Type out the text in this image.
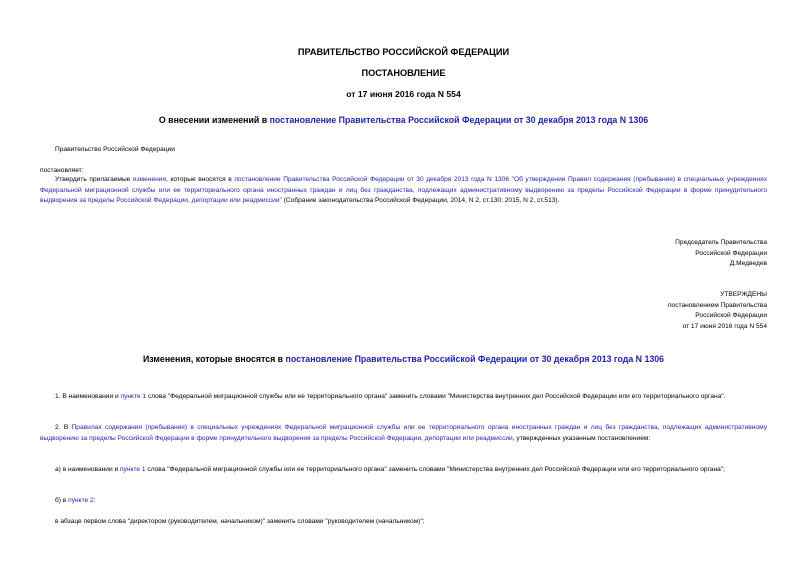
ПРАВИТЕЛЬСТВО РОССИЙСКОЙ ФЕДЕРАЦИИ
ПОСТАНОВЛЕНИЕ
от 17 июня 2016 года N 554
О внесении изменений в постановление Правительства Российской Федерации от 30 декабря 2013 года N 1306
Правительство Российской Федерации
постановляет:
Утвердить прилагаемые изменения, которые вносятся в постановление Правительства Российской Федерации от 30 декабря 2013 года N 1306 "Об утверждении Правил содержания (пребывания) в специальных учреждениях Федеральной миграционной службы или ее территориального органа иностранных граждан и лиц без гражданства, подлежащих административному выдворению за пределы Российской Федерации в форме принудительного выдворения за пределы Российской Федерации, депортации или реадмиссии" (Собрание законодательства Российской Федерации, 2014, N 2, ст.130; 2015, N 2, ст.513).
Председатель Правительства
Российской Федерации
Д.Медведев
УТВЕРЖДЕНЫ
постановлением Правительства
Российской Федерации
от 17 июня 2016 года N 554
Изменения, которые вносятся в постановление Правительства Российской Федерации от 30 декабря 2013 года N 1306
1. В наименовании и пункте 1 слова "Федеральной миграционной службы или ее территориального органа" заменить словами "Министерства внутренних дел Российской Федерации или его территориального органа".
2. В Правилах содержания (пребывания) в специальных учреждениях Федеральной миграционной службы или ее территориального органа иностранных граждан и лиц без гражданства, подлежащих административному выдворению за пределы Российской Федерации в форме принудительного выдворения за пределы Российской Федерации, депортации или реадмиссии, утвержденных указанным постановлением:
а) в наименовании и пункте 1 слова "Федеральной миграционной службы или ее территориального органа" заменить словами "Министерства внутренних дел Российской Федерации или его территориального органа";
б) в пункте 2:
в абзаце первом слова "директором (руководителем, начальником)" заменить словами "руководителем (начальником)";
